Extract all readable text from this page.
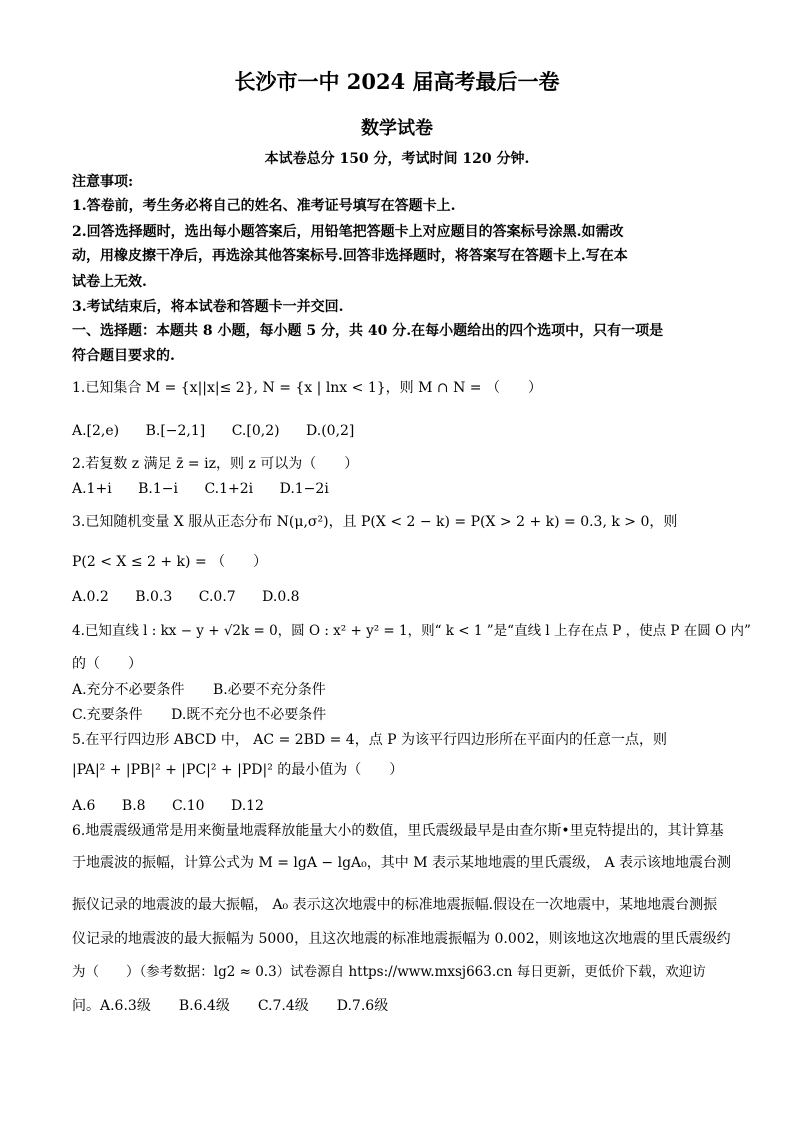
长沙市一中 2024 届高考最后一卷
数学试卷
本试卷总分 150 分，考试时间 120 分钟.
注意事项:
1.答卷前，考生务必将自己的姓名、准考证号填写在答题卡上.
2.回答选择题时，选出每小题答案后，用铅笔把答题卡上对应题目的答案标号涂黑.如需改
动，用橡皮擦干净后，再选涂其他答案标号.回答非选择题时，将答案写在答题卡上.写在本
试卷上无效.
3.考试结束后，将本试卷和答题卡一并交回.
一、选择题：本题共 8 小题，每小题 5 分，共 40 分.在每小题给出的四个选项中，只有一项是
符合题目要求的.
1.已知集合 M = {x||x|≤ 2}, N = {x | lnx < 1}，则 M ∩ N = （　　）
A.[2,e) B.[−2,1] C.[0,2) D.(0,2]
2.若复数 z 满足 z̄ = iz，则 z 可以为（　　）
A.1+i B.1−i C.1+2i D.1−2i
3.已知随机变量 X 服从正态分布 N(μ,σ²)，且 P(X < 2 − k) = P(X > 2 + k) = 0.3, k > 0，则
P(2 < X ≤ 2 + k) = （　　）
A.0.2 B.0.3 C.0.7 D.0.8
4.已知直线 l : kx − y + √2k = 0，圆 O : x² + y² = 1，则“ k < 1 ”是“直线 l 上存在点 P ，使点 P 在圆 O 内”
的（　　）
A.充分不必要条件 B.必要不充分条件
C.充要条件 D.既不充分也不必要条件
5.在平行四边形 ABCD 中， AC = 2BD = 4，点 P 为该平行四边形所在平面内的任意一点，则
|PA|² + |PB|² + |PC|² + |PD|² 的最小值为（　　）
A.6 B.8 C.10 D.12
6.地震震级通常是用来衡量地震释放能量大小的数值，里氏震级最早是由查尔斯•里克特提出的，其计算基
于地震波的振幅，计算公式为 M = lgA − lgA₀，其中 M 表示某地地震的里氏震级， A 表示该地地震台测
振仪记录的地震波的最大振幅， A₀ 表示这次地震中的标准地震振幅.假设在一次地震中，某地地震台测振
仪记录的地震波的最大振幅为 5000，且这次地震的标准地震振幅为 0.002，则该地这次地震的里氏震级约
为（　　）（参考数据：lg2 ≈ 0.3）试卷源自 https://www.mxsj663.cn 每日更新，更低价下载，欢迎访
问。A.6.3级　　B.6.4级　　C.7.4级　　D.7.6级
